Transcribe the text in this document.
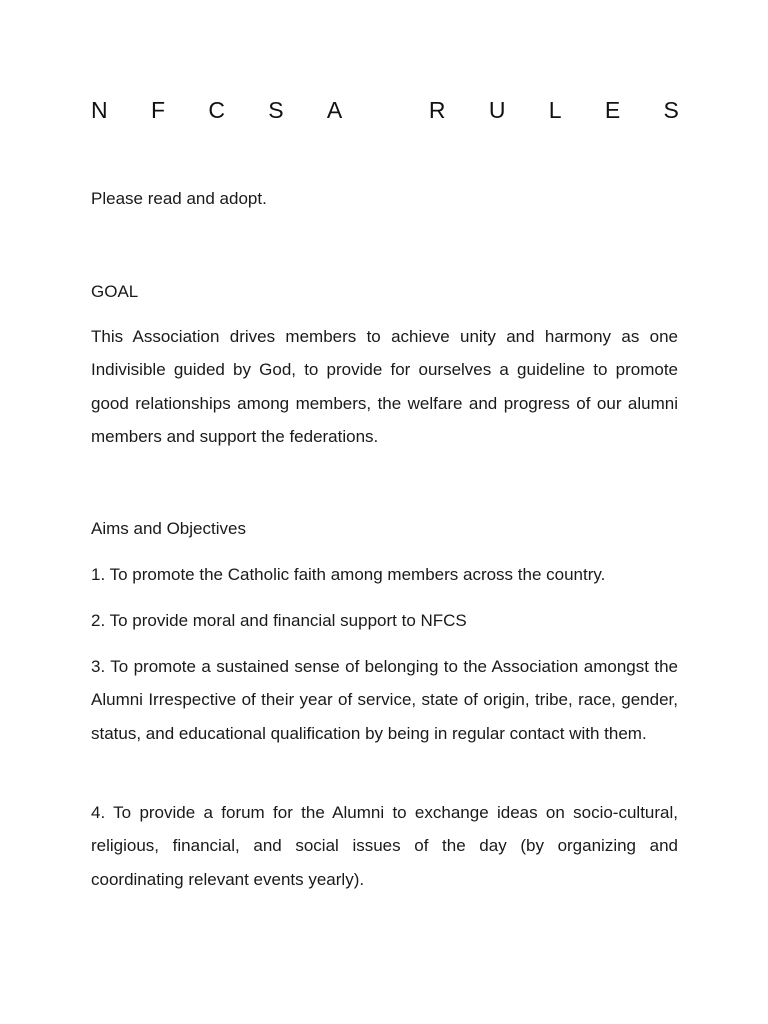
N F C S A	R U L E S

Please read and adopt.

GOAL

This Association drives members to achieve unity and harmony as one Indivisible guided by God, to provide for ourselves a guideline to promote good relationships among members, the welfare and progress of our alumni members and support the federations.

Aims and Objectives

1. To promote the Catholic faith among members across the country.

2. To provide moral and financial support to NFCS

3. To promote a sustained sense of belonging to the Association amongst the Alumni Irrespective of their year of service, state of origin, tribe, race, gender, status, and educational qualification by being in regular contact with them.

4. To provide a forum for the Alumni to exchange ideas on socio-cultural, religious, financial, and social issues of the day (by organizing and coordinating relevant events yearly).
